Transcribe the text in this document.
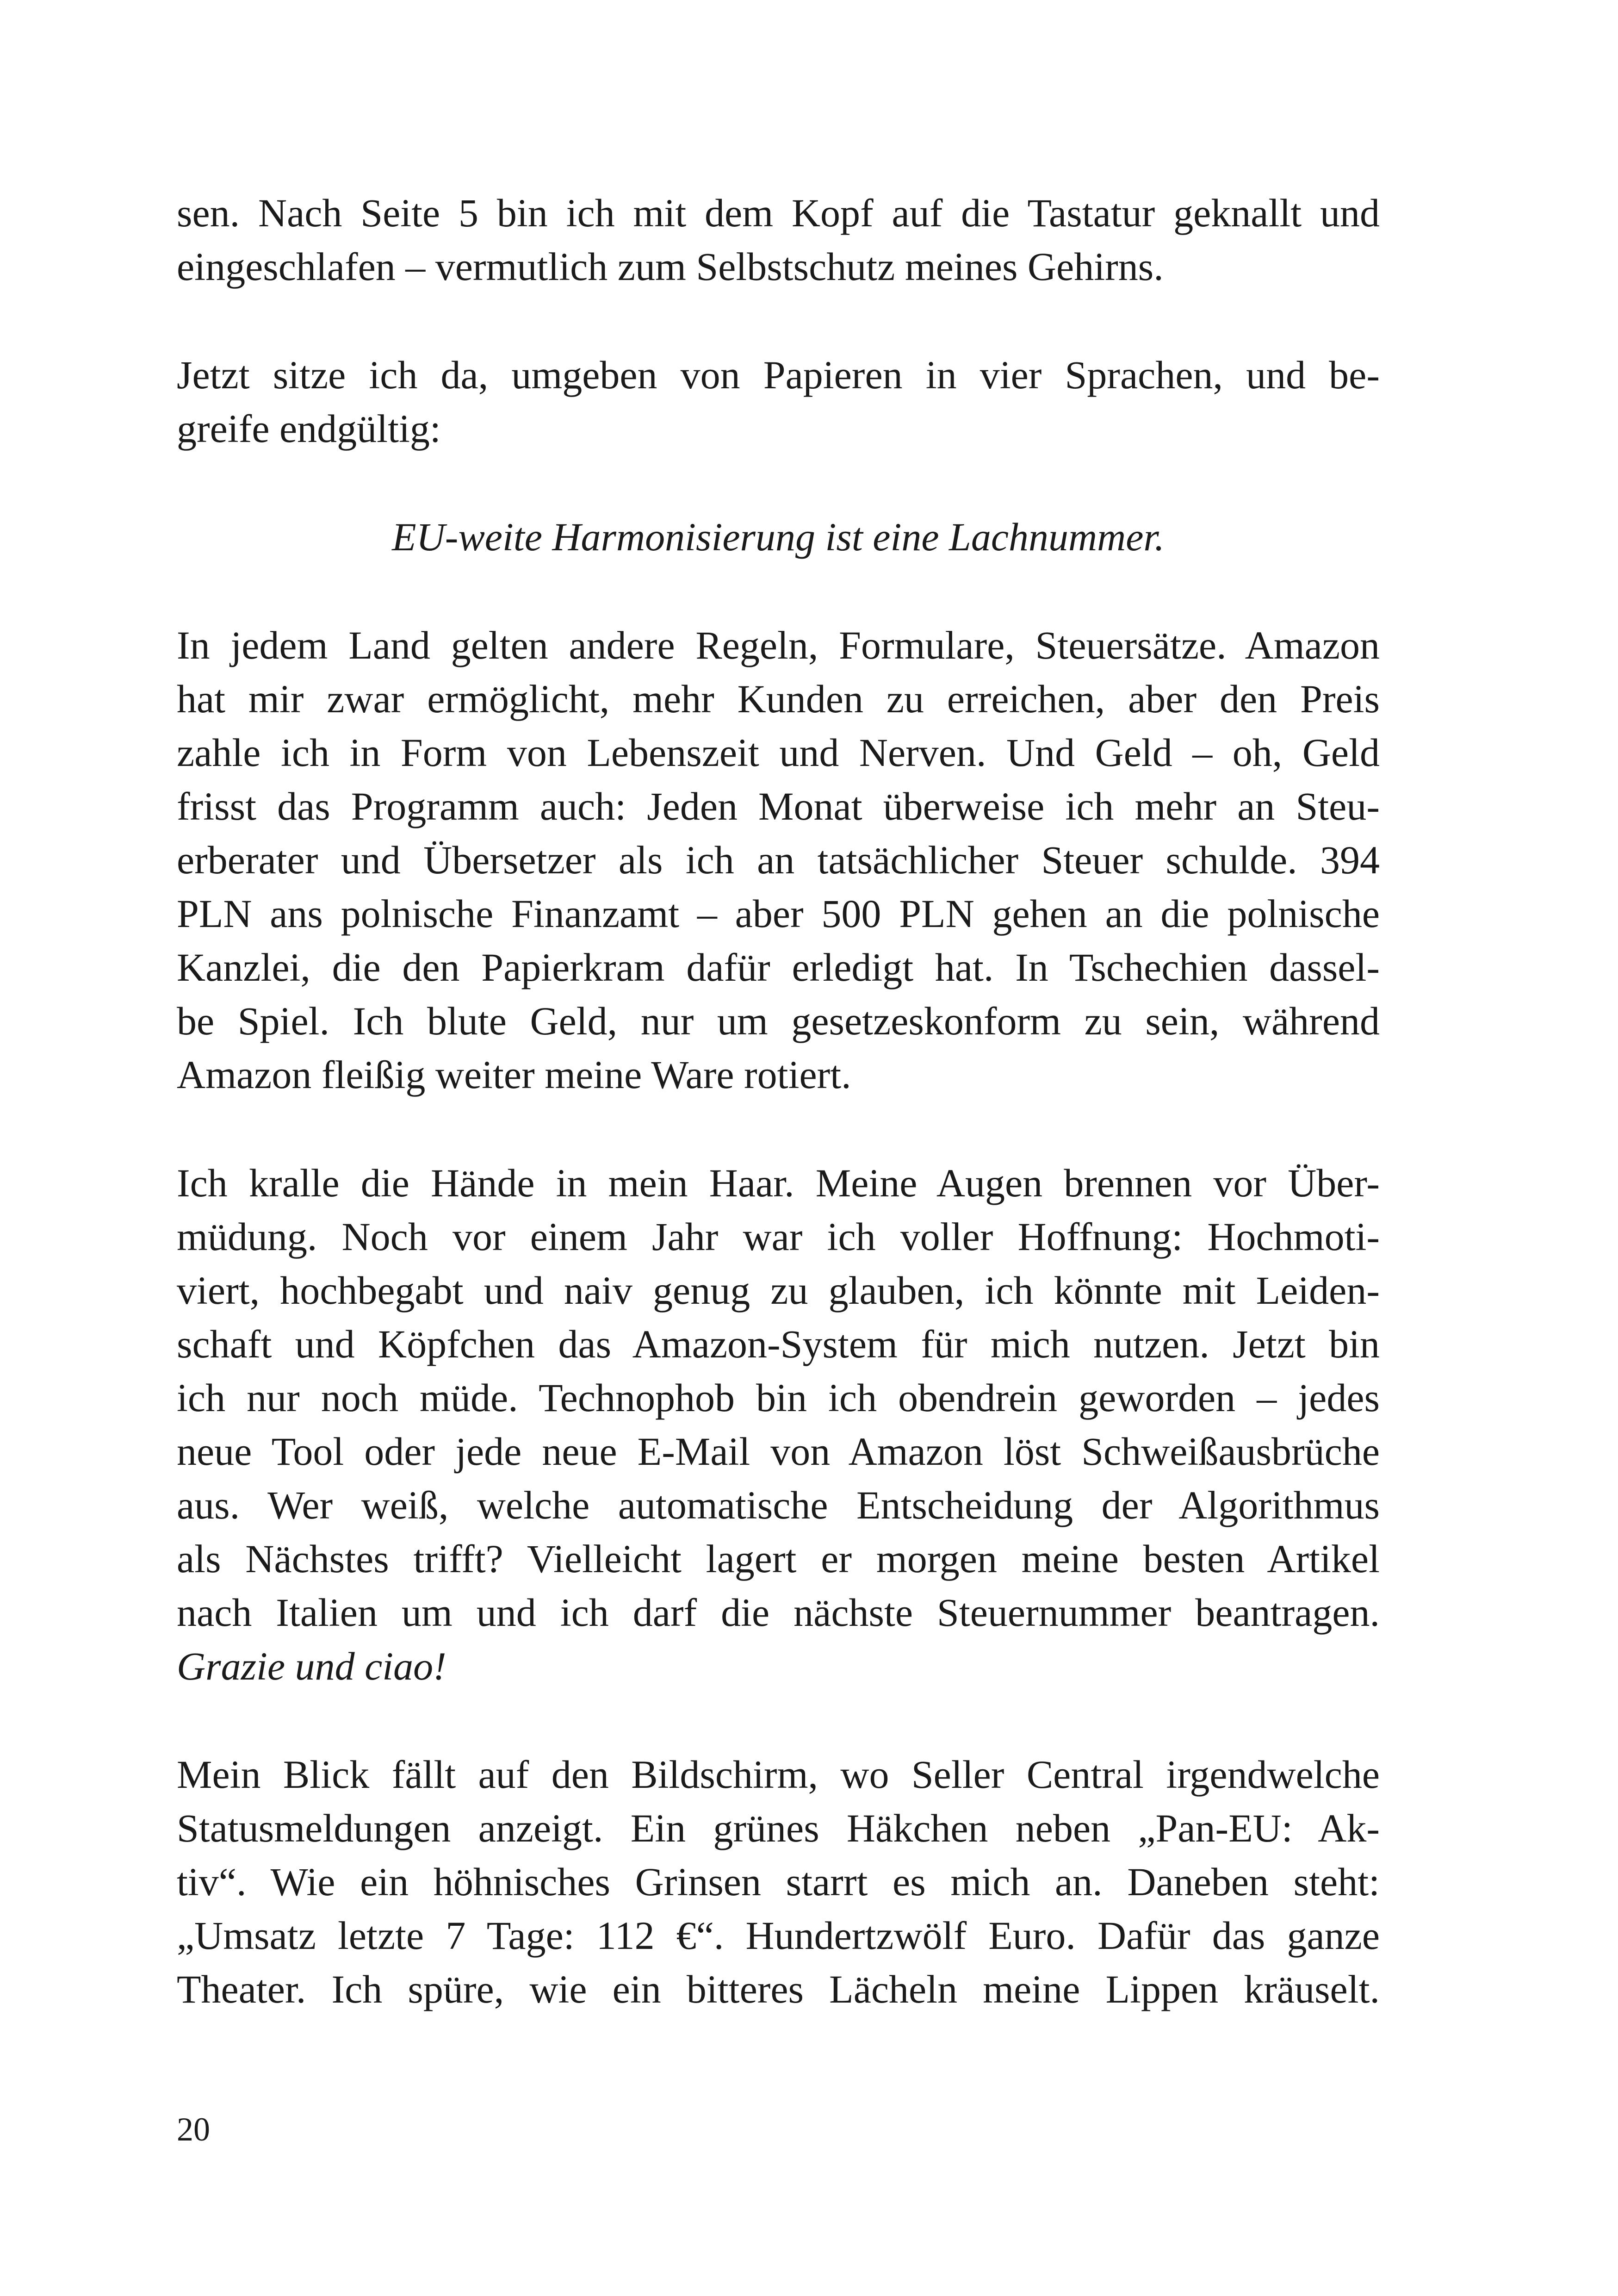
sen. Nach Seite 5 bin ich mit dem Kopf auf die Tastatur geknallt und
eingeschlafen – vermutlich zum Selbstschutz meines Gehirns.
Jetzt sitze ich da, umgeben von Papieren in vier Sprachen, und be-
greife endgültig:

EU-weite Harmonisierung ist eine Lachnummer.

In jedem Land gelten andere Regeln, Formulare, Steuersätze. Amazon
hat mir zwar ermöglicht, mehr Kunden zu erreichen, aber den Preis
zahle ich in Form von Lebenszeit und Nerven. Und Geld – oh, Geld
frisst das Programm auch: Jeden Monat überweise ich mehr an Steu-
erberater und Übersetzer als ich an tatsächlicher Steuer schulde. 394
PLN ans polnische Finanzamt – aber 500 PLN gehen an die polnische
Kanzlei, die den Papierkram dafür erledigt hat. In Tschechien dassel-
be Spiel. Ich blute Geld, nur um gesetzeskonform zu sein, während
Amazon fleißig weiter meine Ware rotiert.
Ich kralle die Hände in mein Haar. Meine Augen brennen vor Über-
müdung. Noch vor einem Jahr war ich voller Hoffnung: Hochmoti-
viert, hochbegabt und naiv genug zu glauben, ich könnte mit Leiden-
schaft und Köpfchen das Amazon-System für mich nutzen. Jetzt bin
ich nur noch müde. Technophob bin ich obendrein geworden – jedes
neue Tool oder jede neue E-Mail von Amazon löst Schweißausbrüche
aus. Wer weiß, welche automatische Entscheidung der Algorithmus
als Nächstes trifft? Vielleicht lagert er morgen meine besten Artikel
nach Italien um und ich darf die nächste Steuernummer beantragen.
Grazie und ciao!
Mein Blick fällt auf den Bildschirm, wo Seller Central irgendwelche
Statusmeldungen anzeigt. Ein grünes Häkchen neben „Pan-EU: Ak-
tiv“. Wie ein höhnisches Grinsen starrt es mich an. Daneben steht:
„Umsatz letzte 7 Tage: 112 €“. Hundertzwölf Euro. Dafür das ganze
Theater. Ich spüre, wie ein bitteres Lächeln meine Lippen kräuselt.

20
